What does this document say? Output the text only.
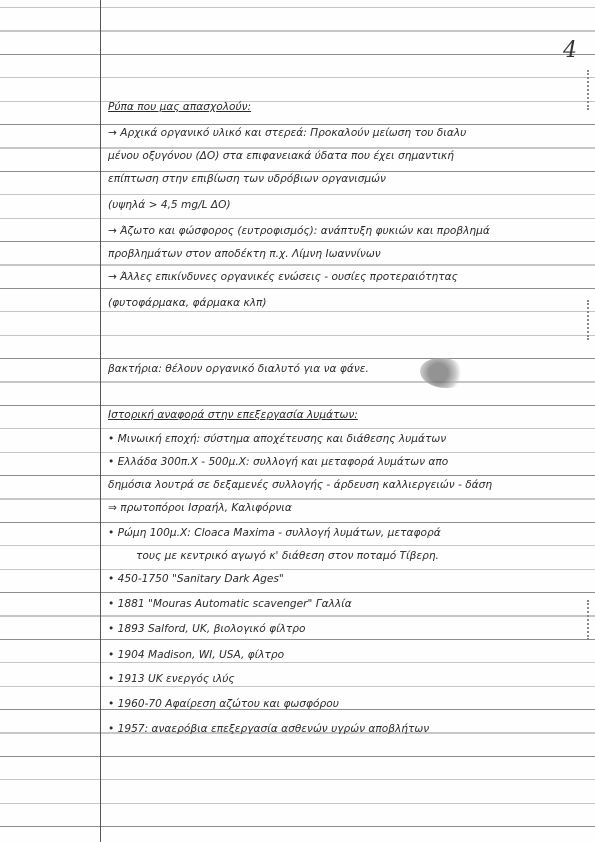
4
Ρύπα που μας απασχολούν:
→ Αρχικά οργανικό υλικό και στερεά: Προκαλούν μείωση του διαλυ
μένου οξυγόνου (ΔΟ) στα επιφανειακά ύδατα που έχει σημαντική
επίπτωση στην επιβίωση των υδρόβιων οργανισμών
(υψηλά > 4,5 mg/L ΔΟ)
→ Άζωτο και φώσφορος (ευτροφισμός): ανάπτυξη φυκιών και προβλημά
προβλημάτων στον αποδέκτη π.χ. Λίμνη Ιωαννίνων
→ Άλλες επικίνδυνες οργανικές ενώσεις - ουσίες προτεραιότητας
(φυτοφάρμακα, φάρμακα κλπ)
βακτήρια: θέλουν οργανικό διαλυτό για να φάνε.
Ιστορική αναφορά στην επεξεργασία λυμάτων:
• Μινωική εποχή: σύστημα αποχέτευσης και διάθεσης λυμάτων
• Ελλάδα 300π.Χ - 500μ.Χ: συλλογή και μεταφορά λυμάτων απο
δημόσια λουτρά σε δεξαμενές συλλογής - άρδευση καλλιεργειών - δάση
⇒ πρωτοπόροι Ισραήλ, Καλιφόρνια
• Ρώμη 100μ.Χ: Cloaca Maxima - συλλογή λυμάτων, μεταφορά
τους με κεντρικό αγωγό κ' διάθεση στον ποταμό Τίβερη.
• 450-1750 "Sanitary Dark Ages"
• 1881 "Mouras Automatic scavenger" Γαλλία
• 1893 Salford, UK, βιολογικό φίλτρο
• 1904 Madison, WI, USA, φίλτρο
• 1913 UK ενεργός ιλύς
• 1960-70 Αφαίρεση αζώτου και φωσφόρου
• 1957: αναερόβια επεξεργασία ασθενών υγρών αποβλήτων
